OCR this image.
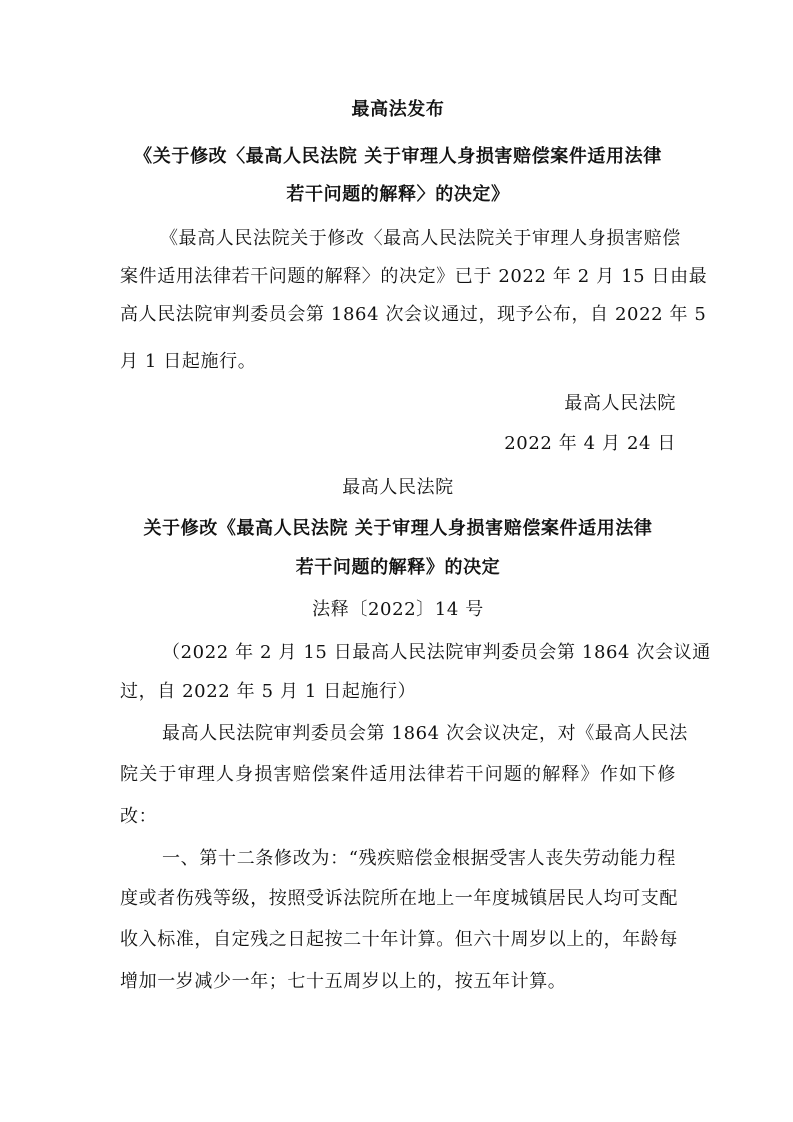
最高法发布
《关于修改〈最高人民法院 关于审理人身损害赔偿案件适用法律
若干问题的解释〉的决定》
《最高人民法院关于修改〈最高人民法院关于审理人身损害赔偿
案件适用法律若干问题的解释〉的决定》已于 2022 年 2 月 15 日由最
高人民法院审判委员会第 1864 次会议通过，现予公布，自 2022 年 5
月 1 日起施行。
最高人民法院
2022 年 4 月 24 日
最高人民法院
关于修改《最高人民法院 关于审理人身损害赔偿案件适用法律
若干问题的解释》的决定
法释〔2022〕14 号
（2022 年 2 月 15 日最高人民法院审判委员会第 1864 次会议通
过，自 2022 年 5 月 1 日起施行）
最高人民法院审判委员会第 1864 次会议决定，对《最高人民法
院关于审理人身损害赔偿案件适用法律若干问题的解释》作如下修
改：
一、第十二条修改为：“残疾赔偿金根据受害人丧失劳动能力程
度或者伤残等级，按照受诉法院所在地上一年度城镇居民人均可支配
收入标准，自定残之日起按二十年计算。但六十周岁以上的，年龄每
增加一岁减少一年；七十五周岁以上的，按五年计算。
